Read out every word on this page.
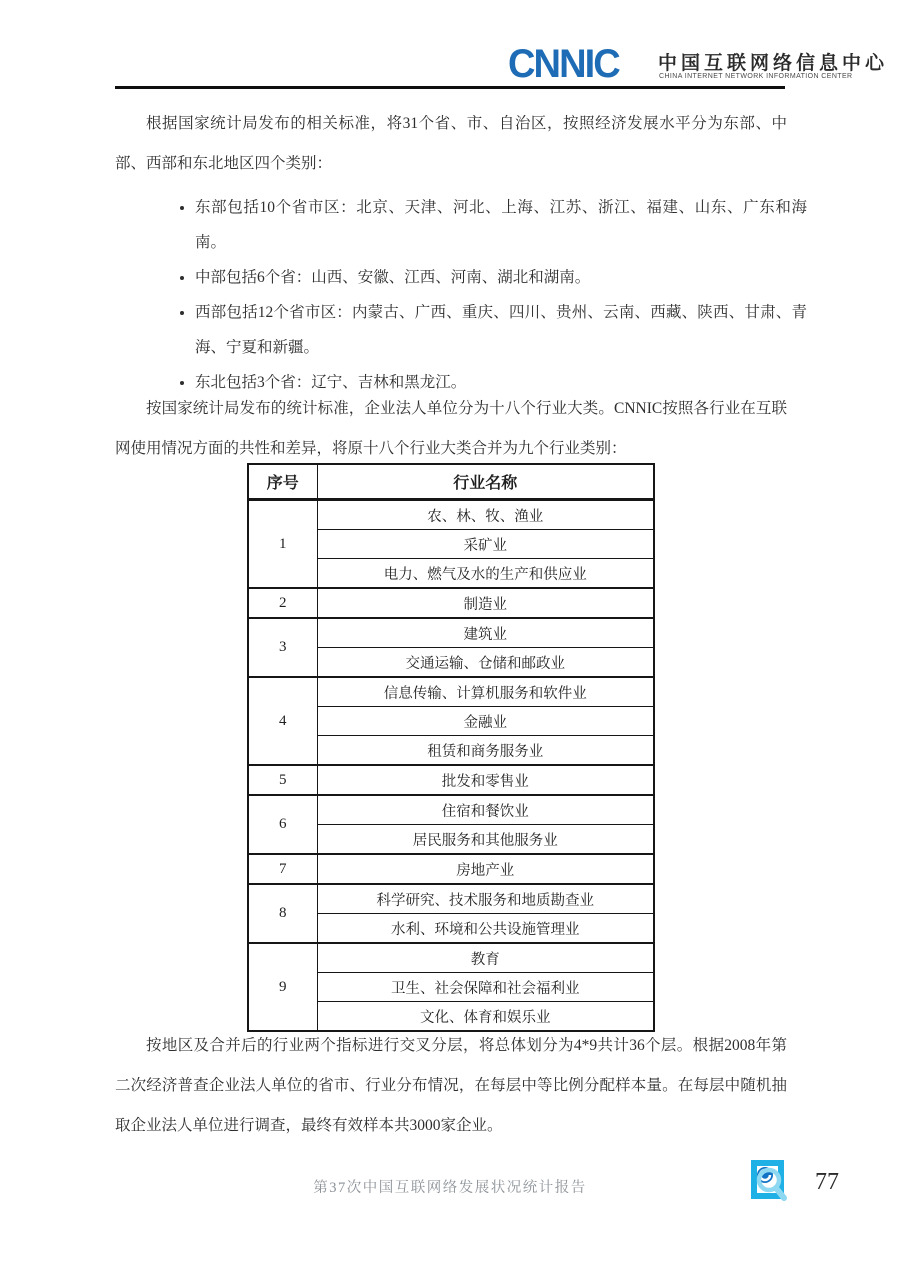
CNNIC 中国互联网络信息中心
CHINA INTERNET NETWORK INFORMATION CENTER

根据国家统计局发布的相关标准，将31个省、市、自治区，按照经济发展水平分为东部、中部、西部和东北地区四个类别：

• 东部包括10个省市区：北京、天津、河北、上海、江苏、浙江、福建、山东、广东和海南。
• 中部包括6个省：山西、安徽、江西、河南、湖北和湖南。
• 西部包括12个省市区：内蒙古、广西、重庆、四川、贵州、云南、西藏、陕西、甘肃、青海、宁夏和新疆。
• 东北包括3个省：辽宁、吉林和黑龙江。

按国家统计局发布的统计标准，企业法人单位分为十八个行业大类。CNNIC按照各行业在互联网使用情况方面的共性和差异，将原十八个行业大类合并为九个行业类别：

序号	行业名称
1	农、林、牧、渔业
	采矿业
	电力、燃气及水的生产和供应业
2	制造业
3	建筑业
	交通运输、仓储和邮政业
4	信息传输、计算机服务和软件业
	金融业
	租赁和商务服务业
5	批发和零售业
6	住宿和餐饮业
	居民服务和其他服务业
7	房地产业
8	科学研究、技术服务和地质勘查业
	水利、环境和公共设施管理业
9	教育
	卫生、社会保障和社会福利业
	文化、体育和娱乐业

按地区及合并后的行业两个指标进行交叉分层，将总体划分为4*9共计36个层。根据2008年第二次经济普查企业法人单位的省市、行业分布情况，在每层中等比例分配样本量。在每层中随机抽取企业法人单位进行调查，最终有效样本共3000家企业。

第37次中国互联网络发展状况统计报告	77
